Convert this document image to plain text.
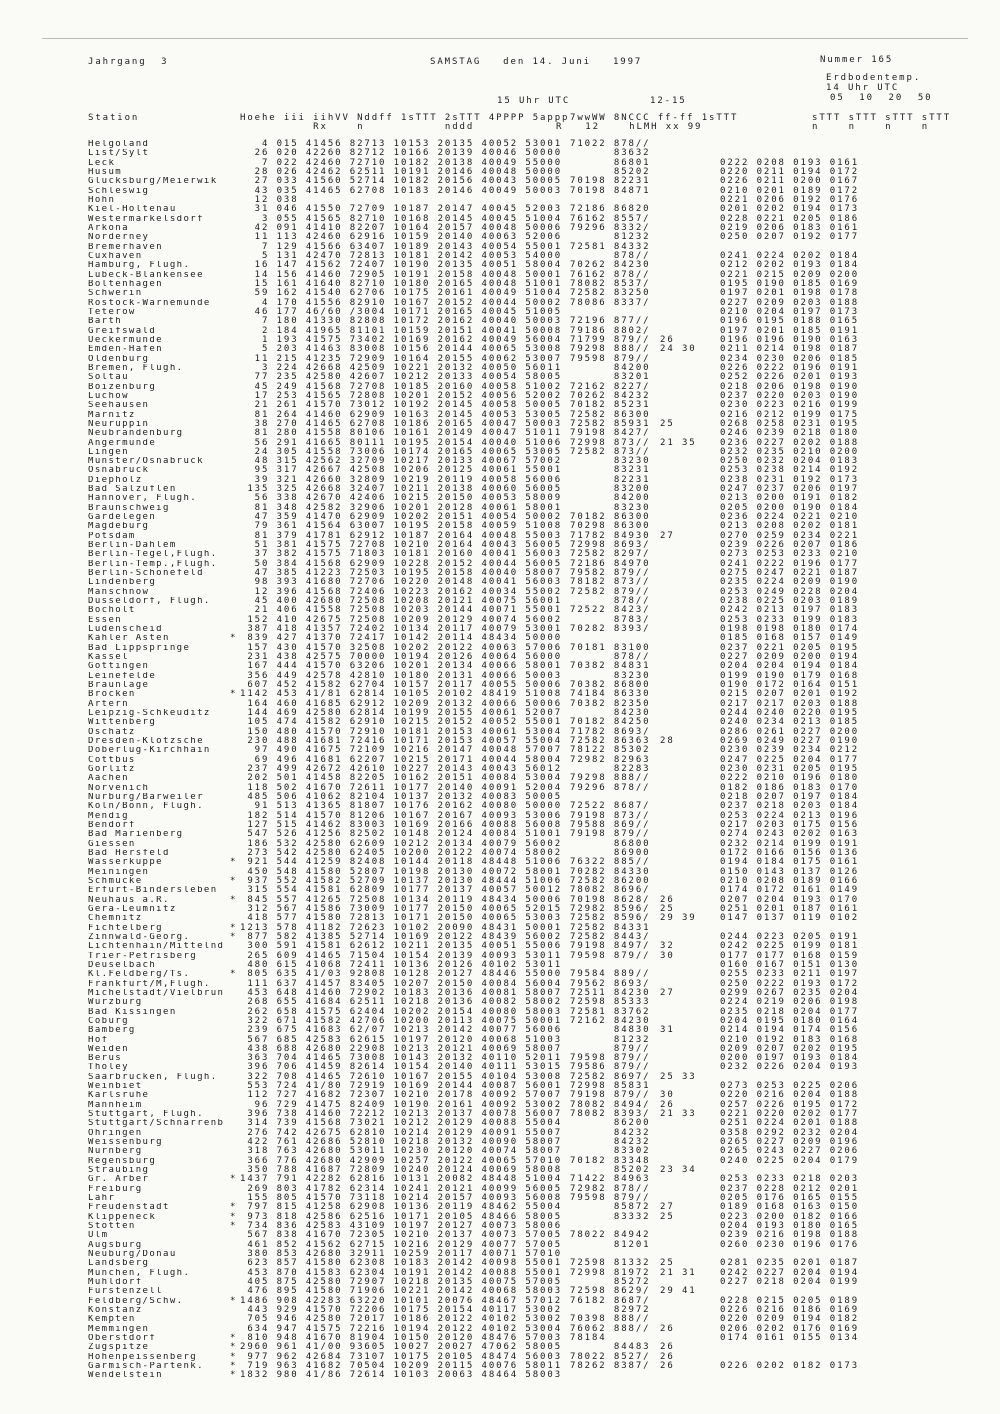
Jahrgang  3	SAMSTAG   den 14. Juni   1997	Nummer 165
Erdbodentemp.
14 Uhr UTC
05  10  20  50
15 Uhr UTC	12-15
Station	Hoehe iii iihVV Nddff 1sTTT 2sTTT 4PPPP 5appp 7wwWW 8NCCC ff-ff 1sTTT	sTTT sTTT sTTT sTTT
Rx    n           nddd	R   12    hLMH xx 99	n    n    n    n
Helgoland	4 015 41456 82713 10153 20135 40052 53001 71022 878//
List/Sylt	26 020 42260 82712 10166 20139 40046 50000 83632
Leck	7 022 42460 72710 10182 20138 40049 55000 86801	0222 0208 0193 0161
Husum	28 026 42462 62511 10191 20146 40048 50000 85202	0220 0211 0194 0172
Glücksburg/Meierwik	27 033 41560 52714 10182 20156 40043 50005 70198 82231	0226 0211 0200 0167
Schleswig	43 035 41465 62708 10183 20146 40049 50003 70198 84871	0210 0201 0189 0172
Hohn	12 038	0221 0206 0192 0176
Kiel-Holtenau	31 046 41550 72709 10187 20147 40045 52003 72186 86820	0201 0202 0194 0173
Westermarkelsdorf	3 055 41565 82710 10168 20145 40045 51004 76162 8557/	0228 0221 0205 0186
Arkona	42 091 41410 82207 10164 20157 40048 50006 79296 8332/	0219 0206 0183 0161
Norderney	11 113 42460 62916 10159 20140 40063 52006 81232	0250 0207 0192 0177
Bremerhaven	7 129 41566 63407 10189 20143 40054 55001 72581 84332
Cuxhaven	5 131 42470 72813 10181 20142 40053 54000 878//	0241 0224 0202 0184
Hamburg, Flugh.	16 147 41562 72407 10190 20135 40051 58004 70262 84230	0212 0202 0193 0184
Lübeck-Blankensee	14 156 41460 72905 10191 20158 40048 50001 76162 878//	0221 0215 0209 0200
Boltenhagen	15 161 41640 82710 10180 20165 40048 51001 78082 8537/	0195 0190 0185 0169
Schwerin	59 162 41540 62706 10175 20161 40049 51004 72582 83250	0197 0201 0198 0178
Rostock-Warnemünde	4 170 41556 82910 10167 20152 40044 50002 78086 8337/	0227 0209 0203 0188
Teterow	46 177 46/60 /3004 10171 20165 40045 51005	0210 0204 0197 0173
Barth	7 180 41330 82808 10172 20162 40040 50003 72196 877//	0196 0195 0188 0165
Greifswald	2 184 41965 81101 10159 20151 40041 50008 79186 8802/	0197 0201 0185 0191
Ueckermünde	1 193 41575 73402 10169 20162 40049 56004 71799 879//	26	0196 0196 0190 0163
Emden-Hafen	5 203 41463 83008 10156 20144 40065 53008 79298 888//	24 30	0211 0214 0198 0187
Oldenburg	11 215 41235 72909 10164 20155 40062 53007 79598 879//	0234 0230 0206 0185
Bremen, Flugh.	3 224 42668 42509 10221 20132 40050 56011 84200	0226 0222 0196 0191
Soltau	77 235 42580 42607 10212 20133 40054 58005 83201	0252 0226 0201 0193
Boizenburg	45 249 41568 72708 10185 20160 40058 51002 72162 8227/	0218 0206 0198 0190
Lüchow	17 253 41565 72808 10201 20152 40056 52002 70262 84232	0237 0220 0203 0190
Seehausen	21 261 41570 73012 10192 20145 40058 50005 70182 85231	0230 0223 0216 0199
Marnitz	81 264 41460 62909 10163 20145 40053 53005 72582 86300	0216 0212 0199 0175
Neuruppin	38 270 41465 62708 10186 20165 40047 50003 72582 85931	25	0268 0258 0231 0195
Neubrandenburg	81 280 41558 80106 10161 20149 40047 51011 79198 8427/	0246 0239 0218 0180
Angermünde	56 291 41665 80111 10195 20154 40040 51006 72998 873//	21 35	0236 0227 0202 0188
Lingen	24 305 41558 73006 10174 20165 40065 53005 72582 873//	0232 0235 0210 0200
Münster/Osnabrück	48 315 42562 32709 10217 20133 40067 57002 83230	0250 0232 0204 0183
Osnabrück	95 317 42667 42508 10206 20125 40061 55001 83231	0253 0238 0214 0192
Diepholz	39 321 42660 32809 10219 20119 40058 56006 82231	0238 0231 0192 0173
Bad Salzuflen	135 325 42668 32407 10211 20138 40060 56005 83200	0247 0237 0206 0197
Hannover, Flugh.	56 338 42670 42406 10215 20150 40053 58009 84200	0213 0200 0191 0182
Braunschweig	81 348 42582 32906 10201 20128 40061 58001 83230	0205 0200 0190 0184
Gardelegen	47 359 41470 62909 10202 20151 40054 50002 70182 86300	0236 0224 0221 0210
Magdeburg	79 361 41564 63007 10195 20158 40059 51008 70298 86300	0213 0208 0202 0181
Potsdam	81 379 41781 62912 10187 20164 40048 55003 71782 84930	27	0270 0259 0234 0221
Berlin-Dahlem	51 381 41575 72708 10210 20164 40043 56005 72998 8693/	0239 0226 0207 0186
Berlin-Tegel,Flugh.	37 382 41575 71803 10181 20160 40041 56003 72582 8297/	0273 0253 0233 0210
Berlin-Temp.,Flugh.	50 384 41568 62909 10228 20152 40044 56005 72186 84970	0241 0222 0196 0177
Berlin-Schönefeld	47 385 41223 72503 10195 20158 40040 58007 79582 879//	0275 0247 0221 0187
Lindenberg	98 393 41680 72706 10220 20148 40041 56003 78182 873//	0235 0224 0209 0190
Manschnow	12 396 41568 72406 10223 20162 40034 55002 72582 879//	0253 0249 0228 0204
Düsseldorf, Flugh.	45 400 42680 72508 10208 20121 40075 56001 878//	0238 0225 0203 0189
Bocholt	21 406 41558 72508 10203 20144 40071 55001 72522 8423/	0242 0213 0197 0183
Essen	152 410 42675 72508 10209 20129 40074 56002 8783/	0253 0233 0199 0183
Lüdenscheid	387 418 41357 72402 10134 20117 40079 53001 70282 8393/	0198 0198 0180 0174
Kahler Asten	* 839 427 41370 72417 10142 20114 48434 50000	0185 0168 0157 0149
Bad Lippspringe	157 430 41570 32508 10202 20122 40063 57006 70181 83100	0237 0221 0205 0195
Kassel	231 438 42575 70000 10194 20126 40064 56000 878//	0227 0209 0200 0194
Göttingen	167 444 41570 63206 10201 20134 40066 58001 70382 84831	0204 0204 0194 0184
Leinefelde	356 449 42578 42810 10180 20131 40066 50003 83230	0199 0190 0179 0168
Braunlage	607 452 41582 62704 10157 20117 40055 50006 70382 86800	0190 0172 0164 0151
Brocken	* 1142 453 41/81 62814 10105 20102 48419 51008 74184 86330	0215 0207 0201 0192
Artern	164 460 41685 62912 10209 20132 40066 50006 70382 82350	0217 0217 0203 0188
Leipzig-Schkeuditz	144 469 42580 62814 10199 20155 40061 52007 84230	0244 0240 0220 0195
Wittenberg	105 474 41582 62910 10215 20152 40052 55001 70182 84250	0240 0234 0213 0185
Oschatz	150 480 41570 72910 10181 20153 40061 53004 71782 8693/	0286 0261 0227 0200
Dresden-Klotzsche	230 488 41681 72416 10171 20153 40057 55004 72582 86363	28	0269 0249 0227 0190
Doberlug-Kirchhain	97 490 41675 72109 10216 20147 40048 57007 78122 85302	0230 0239 0234 0212
Cottbus	69 496 41681 62207 10215 20171 40044 58004 72982 82963	0247 0225 0204 0177
Görlitz	237 499 42672 42610 10227 20143 40043 56012 82283	0230 0231 0205 0195
Aachen	202 501 41458 82205 10162 20151 40084 53004 79298 888//	0222 0210 0196 0180
Nörvenich	118 502 41670 72611 10177 20140 40091 52004 79296 878//	0182 0186 0183 0170
Nürburg/Barweiler	485 506 41062 82104 10137 20132 40083 50005	0218 0207 0197 0184
Köln/Bonn, Flugh.	91 513 41365 81807 10176 20162 40080 50000 72522 8687/	0237 0218 0203 0184
Mendig	182 514 41570 81206 10167 20167 40093 53006 79198 873//	0253 0224 0213 0196
Bendorf	127 515 41462 83003 10169 20166 40088 56008 79588 869//	0217 0203 0175 0156
Bad Marienberg	547 526 41256 82502 10148 20124 40084 51001 79198 879//	0274 0243 0202 0163
Giessen	186 532 42580 62609 10212 20134 40079 56002 86800	0232 0214 0199 0191
Bad Hersfeld	273 542 42580 62405 10200 20122 40074 58002 86900	0172 0166 0156 0136
Wasserkuppe	* 921 544 41259 82408 10144 20118 48448 51006 76322 885//	0194 0184 0175 0161
Meiningen	450 548 41580 52807 10198 20130 40072 58001 70282 84330	0150 0143 0137 0126
Schmücke	* 937 552 41582 52709 10137 20130 48444 51006 72582 86200	0210 0208 0189 0166
Erfurt-Bindersleben	315 554 41581 62809 10177 20137 40057 50012 78082 8696/	0174 0172 0161 0149
Neuhaus a.R.	* 845 557 41265 72508 10134 20119 48434 50006 70198 8628/	26	0207 0204 0193 0170
Gera-Leumnitz	312 567 41586 73009 10177 20150 40065 52015 72982 8596/	25	0251 0201 0187 0161
Chemnitz	418 577 41580 72813 10171 20150 40065 53003 72582 8596/	29 39	0147 0137 0119 0102
Fichtelberg	* 1213 578 41182 72623 10102 20090 48431 50001 72582 84331
Zinnwald-Georg.	* 877 582 41385 52714 10169 20122 48439 56002 72582 8443/	0244 0223 0205 0191
Lichtenhain/Mittelnd	300 591 41581 62612 10211 20135 40051 55006 79198 8497/	32	0242 0225 0199 0181
Trier-Petrisberg	265 609 41465 71504 10154 20139 40093 53011 79598 879//	30	0177 0177 0168 0159
Deuselbach	480 615 41068 72411 10136 20126 40102 53011	0160 0167 0151 0130
Kl.Feldberg/Ts.	* 805 635 41/03 92808 10128 20127 48446 55000 79584 889//	0255 0233 0211 0197
Frankfurt/M,Flugh.	111 637 41457 83405 10207 20150 40084 56004 79562 8693/	0250 0222 0193 0172
Michelstadt/Vielbrun	453 648 41460 72902 10183 20136 40081 58007 72511 84230	27	0299 0267 0235 0204
Würzburg	268 655 41684 62511 10218 20136 40082 58002 72598 85333	0224 0219 0206 0198
Bad Kissingen	262 658 41575 62404 10202 20154 40080 58003 72581 83762	0235 0218 0204 0177
Coburg	322 671 41582 42706 10200 20113 40075 50001 72162 84230	0204 0195 0180 0164
Bamberg	239 675 41683 62/07 10213 20142 40077 56006 84830	31	0214 0194 0174 0156
Hof	567 685 42583 62615 10197 20120 40068 51003 81232	0210 0192 0183 0168
Weiden	438 688 42680 22908 10213 20121 40069 58007 879//	0209 0207 0202 0195
Berus	363 704 41465 73008 10143 20132 40110 52011 79598 879//	0200 0197 0193 0184
Tholey	396 706 41459 82614 10154 20140 40111 53015 79586 879//	0232 0226 0204 0193
Saarbrücken, Flugh.	322 708 41465 72610 10167 20155 40104 53008 72582 8697/	25 33
Weinbiet	553 724 41/80 72919 10169 20144 40087 56001 72998 85831	0273 0253 0225 0206
Karlsruhe	112 727 41682 72307 10210 20178 40092 57007 79198 879//	30	0220 0216 0204 0188
Mannheim	96 729 41475 82409 10190 20161 40092 53002 78082 8494/	26	0257 0226 0195 0172
Stuttgart, Flugh.	396 738 41460 72212 10213 20137 40078 56007 78082 8393/	21 33	0221 0220 0202 0177
Stuttgart/Schnarrenb	314 739 41568 73021 10212 20129 40088 55004 86200	0251 0224 0201 0188
Öhringen	276 742 42675 62810 10214 20129 40091 55007 84232	0358 0292 0232 0204
Weissenburg	422 761 42686 52810 10218 20132 40090 58007 84232	0265 0227 0209 0196
Nürnberg	318 763 42680 53011 10230 20120 40074 58007 83302	0265 0243 0227 0206
Regensburg	366 776 42680 42909 10257 20122 40065 57010 70182 83348	0240 0225 0204 0179
Straubing	350 788 41687 72809 10240 20124 40069 58008 85202	23 34
Gr. Arber	* 1437 791 42282 62816 10131 20082 48448 51004 71422 84963	0253 0233 0218 0203
Freiburg	269 803 41782 62314 10241 20121 40099 56005 72982 878//	0237 0228 0212 0201
Lahr	155 805 41570 73118 10214 20157 40093 56008 79598 879//	0205 0176 0165 0155
Freudenstadt	* 797 815 41258 62908 10136 20119 48462 55004 85872	27	0189 0168 0163 0150
Klippeneck	* 973 818 42586 62516 10171 20105 48466 58005 83332	25	0223 0200 0182 0166
Stötten	* 734 836 42583 43109 10197 20127 40073 58006	0204 0193 0180 0165
Ulm	567 838 41670 72305 10210 20137 40073 57005 78022 84942	0239 0216 0198 0188
Augsburg	461 852 41562 62715 10216 20129 40077 57005 81201	0260 0230 0196 0176
Neuburg/Donau	380 853 42680 32911 10259 20117 40071 57010
Landsberg	623 857 41580 62308 10183 20142 40098 55001 72598 81332	25	0281 0235 0201 0187
München, Flugh.	453 870 41583 62304 10191 20142 40088 55001 72998 81972	21 31	0242 0227 0204 0194
Mühldorf	405 875 42580 72907 10218 20135 40075 57005 85272	0227 0218 0204 0199
Fürstenzell	476 895 41580 71906 10221 20142 40068 58003 72598 8629/	29 41
Feldberg/Schw.	* 1486 908 42283 63220 10101 20076 48467 57012 76182 8687/	0228 0215 0205 0189
Konstanz	443 929 41570 72206 10175 20154 40117 53002 82972	0226 0216 0186 0169
Kempten	705 946 42580 72017 10186 20122 40102 53002 70398 888//	0220 0209 0194 0182
Memmingen	634 947 41575 72216 10194 20122 40102 53004 76062 888//	26	0206 0202 0176 0169
Oberstdorf	* 810 948 41670 81904 10150 20120 48476 57003 78184	0174 0161 0155 0134
Zugspitze	* 2960 961 41/00 93605 10027 20027 47062 58005 84483	26
Hohenpeissenberg	* 977 962 42684 73107 10175 20105 48474 56003 78022 8527/	26
Garmisch-Partenk.	* 719 963 41682 70504 10209 20115 40076 58011 78262 8387/	26	0226 0202 0182 0173
Wendelstein	* 1832 980 41/86 72614 10103 20063 48464 58003
